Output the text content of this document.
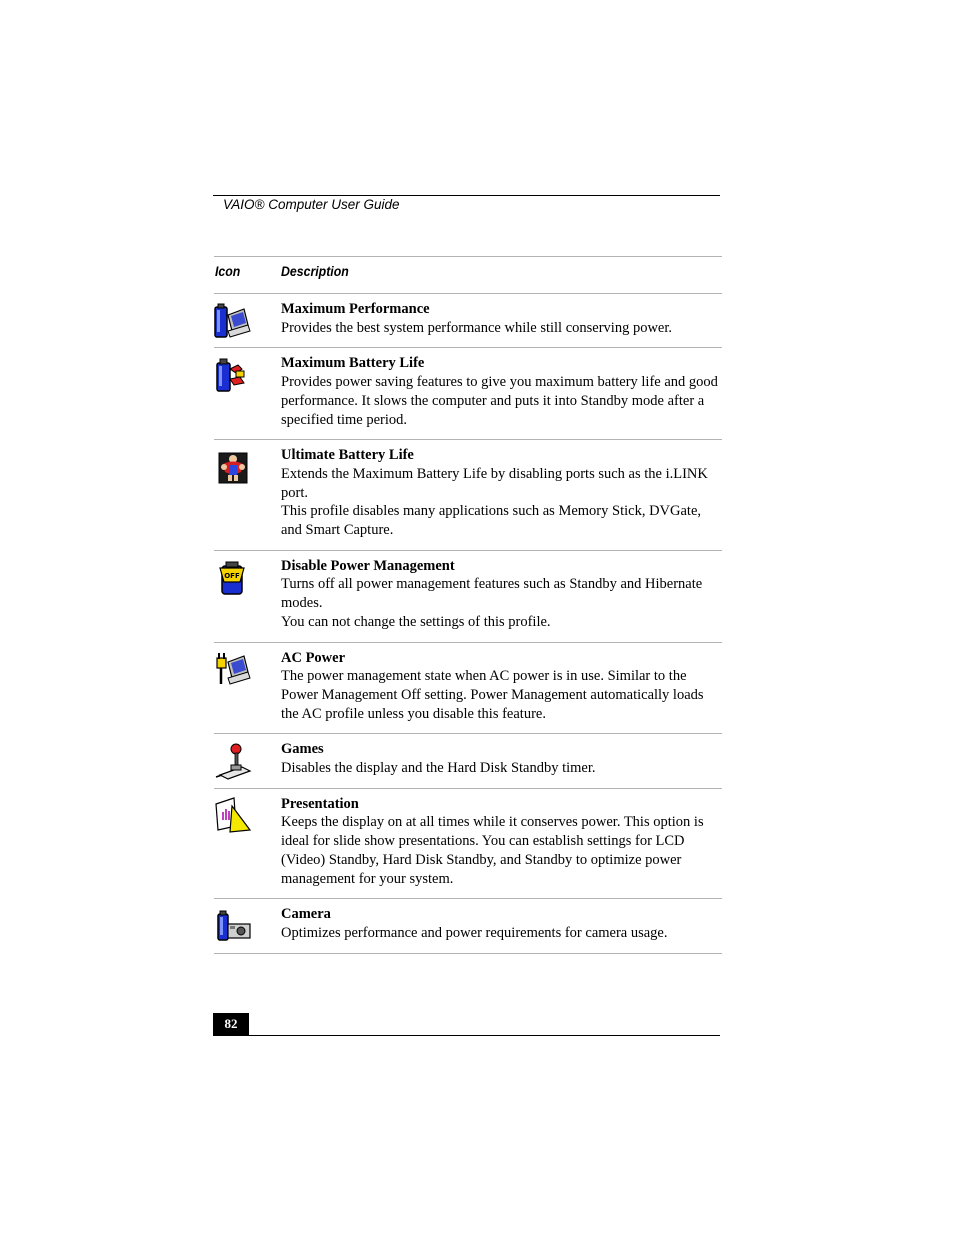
VAIO® Computer User Guide
Icon	Description
Maximum Performance
Provides the best system performance while still conserving power.
Maximum Battery Life
Provides power saving features to give you maximum battery life and good performance. It slows the computer and puts it into Standby mode after a specified time period.
Ultimate Battery Life
Extends the Maximum Battery Life by disabling ports such as the i.LINK port.
This profile disables many applications such as Memory Stick, DVGate, and Smart Capture.
OFF
Disable Power Management
Turns off all power management features such as Standby and Hibernate modes.
You can not change the settings of this profile.
AC Power
The power management state when AC power is in use. Similar to the Power Management Off setting. Power Management automatically loads the AC profile unless you disable this feature.
Games
Disables the display and the Hard Disk Standby timer.
Presentation
Keeps the display on at all times while it conserves power. This option is ideal for slide show presentations. You can establish settings for LCD (Video) Standby, Hard Disk Standby, and Standby to optimize power management for your system.
Camera
Optimizes performance and power requirements for camera usage.
82
